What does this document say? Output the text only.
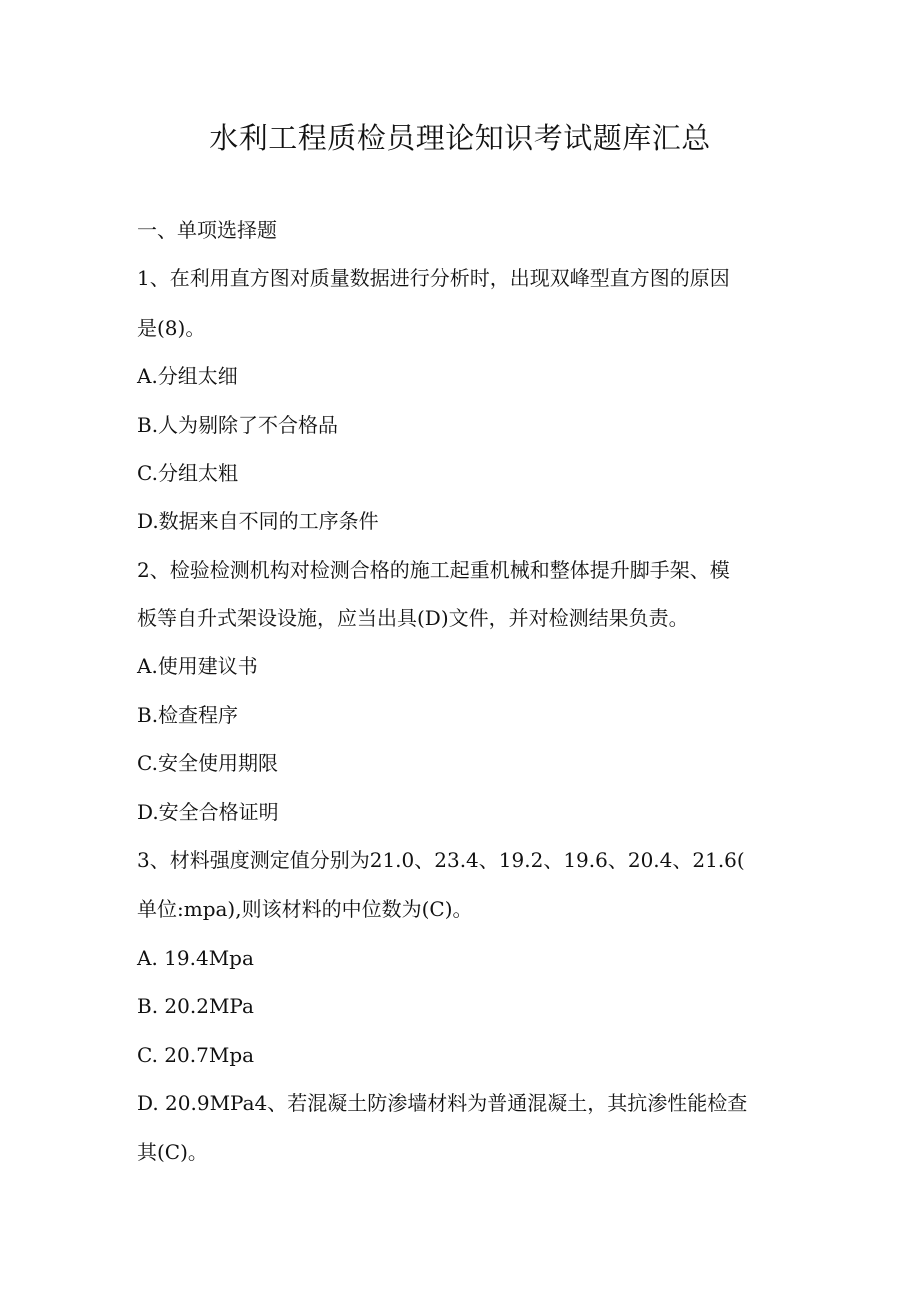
水利工程质检员理论知识考试题库汇总

一、单项选择题

1、在利用直方图对质量数据进行分析时，出现双峰型直方图的原因

是(8)。

A.分组太细

B.人为剔除了不合格品

C.分组太粗

D.数据来自不同的工序条件

2、检验检测机构对检测合格的施工起重机械和整体提升脚手架、模

板等自升式架设设施，应当出具(D)文件，并对检测结果负责。

A.使用建议书

B.检查程序

C.安全使用期限

D.安全合格证明

3、材料强度测定值分别为21.0、23.4、19.2、19.6、20.4、21.6(

单位:mpa),则该材料的中位数为(C)。

A. 19.4Mpa

B. 20.2MPa

C. 20.7Mpa

D. 20.9MPa4、若混凝土防渗墙材料为普通混凝土，其抗渗性能检查

其(C)。
